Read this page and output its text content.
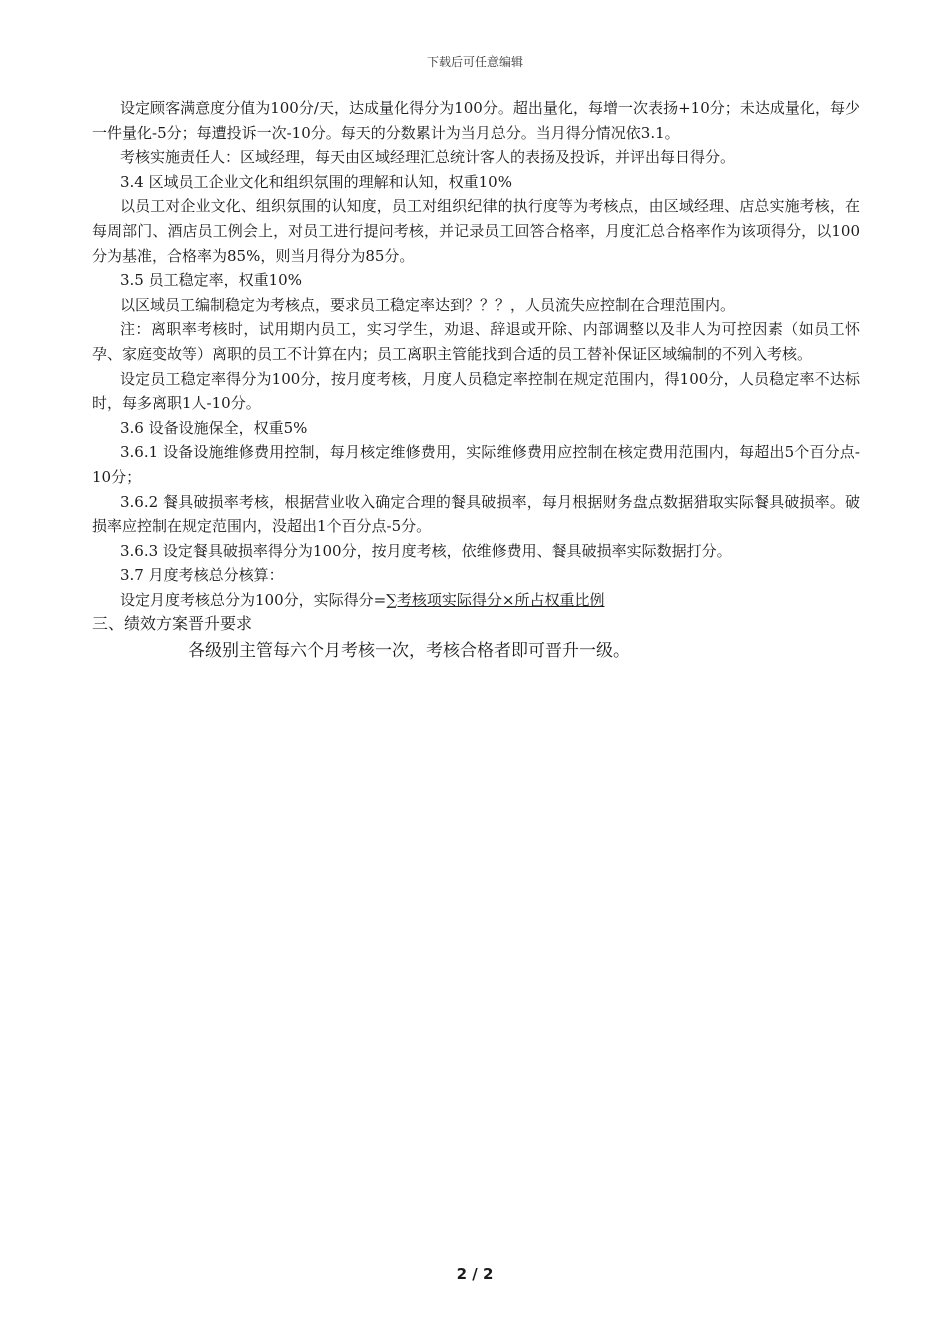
下载后可任意编辑

设定顾客满意度分值为100分/天，达成量化得分为100分。超出量化，每增一次表扬+10分；未达成量化，每少一件量化-5分；每遭投诉一次-10分。每天的分数累计为当月总分。当月得分情况依3.1。

考核实施责任人：区域经理，每天由区域经理汇总统计客人的表扬及投诉，并评出每日得分。

3.4 区域员工企业文化和组织氛围的理解和认知，权重10%

以员工对企业文化、组织氛围的认知度，员工对组织纪律的执行度等为考核点，由区域经理、店总实施考核，在每周部门、酒店员工例会上，对员工进行提问考核，并记录员工回答合格率，月度汇总合格率作为该项得分，以100分为基准，合格率为85%，则当月得分为85分。

3.5 员工稳定率，权重10%

以区域员工编制稳定为考核点，要求员工稳定率达到？？？，人员流失应控制在合理范围内。

注：离职率考核时，试用期内员工，实习学生，劝退、辞退或开除、内部调整以及非人为可控因素（如员工怀孕、家庭变故等）离职的员工不计算在内；员工离职主管能找到合适的员工替补保证区域编制的不列入考核。

设定员工稳定率得分为100分，按月度考核，月度人员稳定率控制在规定范围内，得100分，人员稳定率不达标时，每多离职1人-10分。

3.6 设备设施保全，权重5%

3.6.1 设备设施维修费用控制，每月核定维修费用，实际维修费用应控制在核定费用范围内，每超出5个百分点-10分；

3.6.2 餐具破损率考核，根据营业收入确定合理的餐具破损率，每月根据财务盘点数据猎取实际餐具破损率。破损率应控制在规定范围内，没超出1个百分点-5分。

3.6.3 设定餐具破损率得分为100分，按月度考核，依维修费用、餐具破损率实际数据打分。

3.7 月度考核总分核算：

设定月度考核总分为100分，实际得分=∑考核项实际得分×所占权重比例

三、绩效方案晋升要求

各级别主管每六个月考核一次，考核合格者即可晋升一级。

2 / 2
